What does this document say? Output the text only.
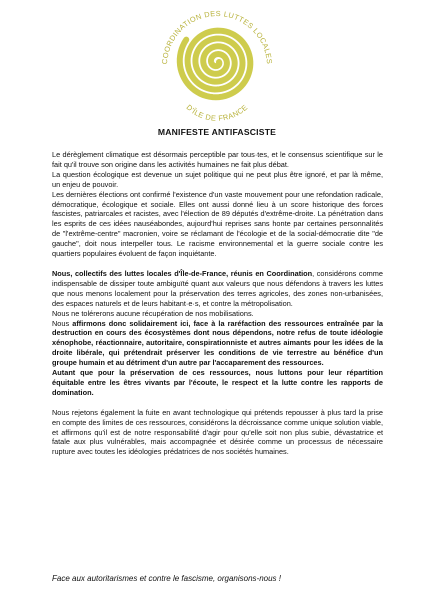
COORDINATION DES LUTTES LOCALES
D'ÎLE DE FRANCE
MANIFESTE ANTIFASCISTE

Le dérèglement climatique est désormais perceptible par tous·tes, et le consensus scientifique sur le fait qu'il trouve son origine dans les activités humaines ne fait plus débat.

La question écologique est devenue un sujet politique qui ne peut plus être ignoré, et par là même, un enjeu de pouvoir.

Les dernières élections ont confirmé l'existence d'un vaste mouvement pour une refondation radicale, démocratique, écologique et sociale. Elles ont aussi donné lieu à un score historique des forces fascistes, patriarcales et racistes, avec l'élection de 89 députés d'extrême-droite. La pénétration dans les esprits de ces idées nauséabondes, aujourd'hui reprises sans honte par certaines personnalités de "l'extrême-centre" macronien, voire se réclamant de l'écologie et de la social-démocratie dite "de gauche", doit nous interpeller tous. Le racisme environnemental et la guerre sociale contre les quartiers populaires évoluent de façon inquiétante.

Nous, collectifs des luttes locales d'Île-de-France, réunis en Coordination, considérons comme indispensable de dissiper toute ambiguïté quant aux valeurs que nous défendons à travers les luttes que nous menons localement pour la préservation des terres agricoles, des zones non-urbanisées, des espaces naturels et de leurs habitant·e·s, et contre la métropolisation.

Nous ne tolérerons aucune récupération de nos mobilisations.

Nous affirmons donc solidairement ici, face à la raréfaction des ressources entraînée par la destruction en cours des écosystèmes dont nous dépendons, notre refus de toute idéologie xénophobe, réactionnaire, autoritaire, conspirationniste et autres aimants pour les idées de la droite libérale, qui prétendrait préserver les conditions de vie terrestre au bénéfice d'un groupe humain et au détriment d'un autre par l'accaparement des ressources.

Autant que pour la préservation de ces ressources, nous luttons pour leur répartition équitable entre les êtres vivants par l'écoute, le respect et la lutte contre les rapports de domination.

Nous rejetons également la fuite en avant technologique qui prétends repousser à plus tard la prise en compte des limites de ces ressources, considérons la décroissance comme unique solution viable, et affirmons qu'il est de notre responsabilité d'agir pour qu'elle soit non plus subie, dévastatrice et fatale aux plus vulnérables, mais accompagnée et désirée comme un processus de nécessaire rupture avec toutes les idéologies prédatrices de nos sociétés humaines.

Face aux autoritarismes et contre le fascisme, organisons-nous !
